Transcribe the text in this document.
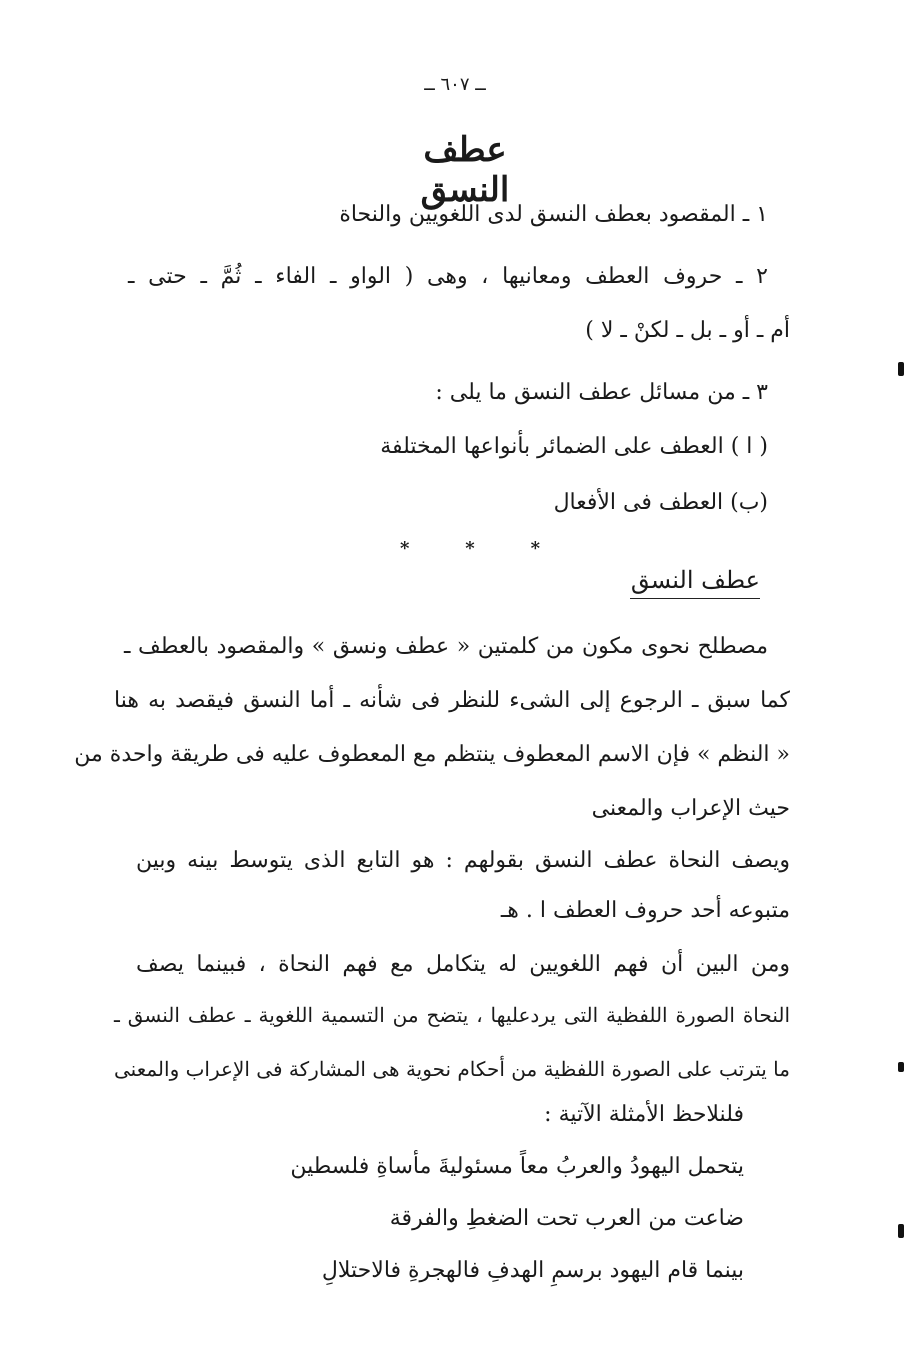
ــ ٦٠٧ ــ
عطف النسق
١ ـ المقصود بعطف النسق لدى اللغويين والنحاة
٢ ـ حروف العطف ومعانيها ، وهى ( الواو ـ الفاء ـ ثُمَّ ـ حتى ـ
أم ـ أو ـ بل ـ لكنْ ـ لا )
٣ ـ من مسائل عطف النسق ما يلى :
( ا ) العطف على الضمائر بأنواعها المختلفة
(ب) العطف فى الأفعال
*
*
*
عطف النسق
مصطلح نحوى مكون من كلمتين « عطف ونسق » والمقصود بالعطف ـ
كما سبق ـ الرجوع إلى الشىء للنظر فى شأنه ـ أما النسق فيقصد به هنا
« النظم » فإن الاسم المعطوف ينتظم مع المعطوف عليه فى طريقة واحدة من
حيث الإعراب والمعنى
ويصف النحاة عطف النسق بقولهم : هو التابع الذى يتوسط بينه وبين
متبوعه أحد حروف العطف ا . هـ
ومن البين أن فهم اللغويين له يتكامل مع فهم النحاة ، فبينما يصف
النحاة الصورة اللفظية التى يردعليها ، يتضح من التسمية اللغوية ـ عطف النسق ـ
ما يترتب على الصورة اللفظية من أحكام نحوية هى المشاركة فى الإعراب والمعنى
فلنلاحظ الأمثلة الآتية :
يتحمل اليهودُ والعربُ معاً مسئوليةَ مأساةِ فلسطين
ضاعت من العرب تحت الضغطِ والفرقة
بينما قام اليهود برسمِ الهدفِ فالهجرةِ فالاحتلالِ
